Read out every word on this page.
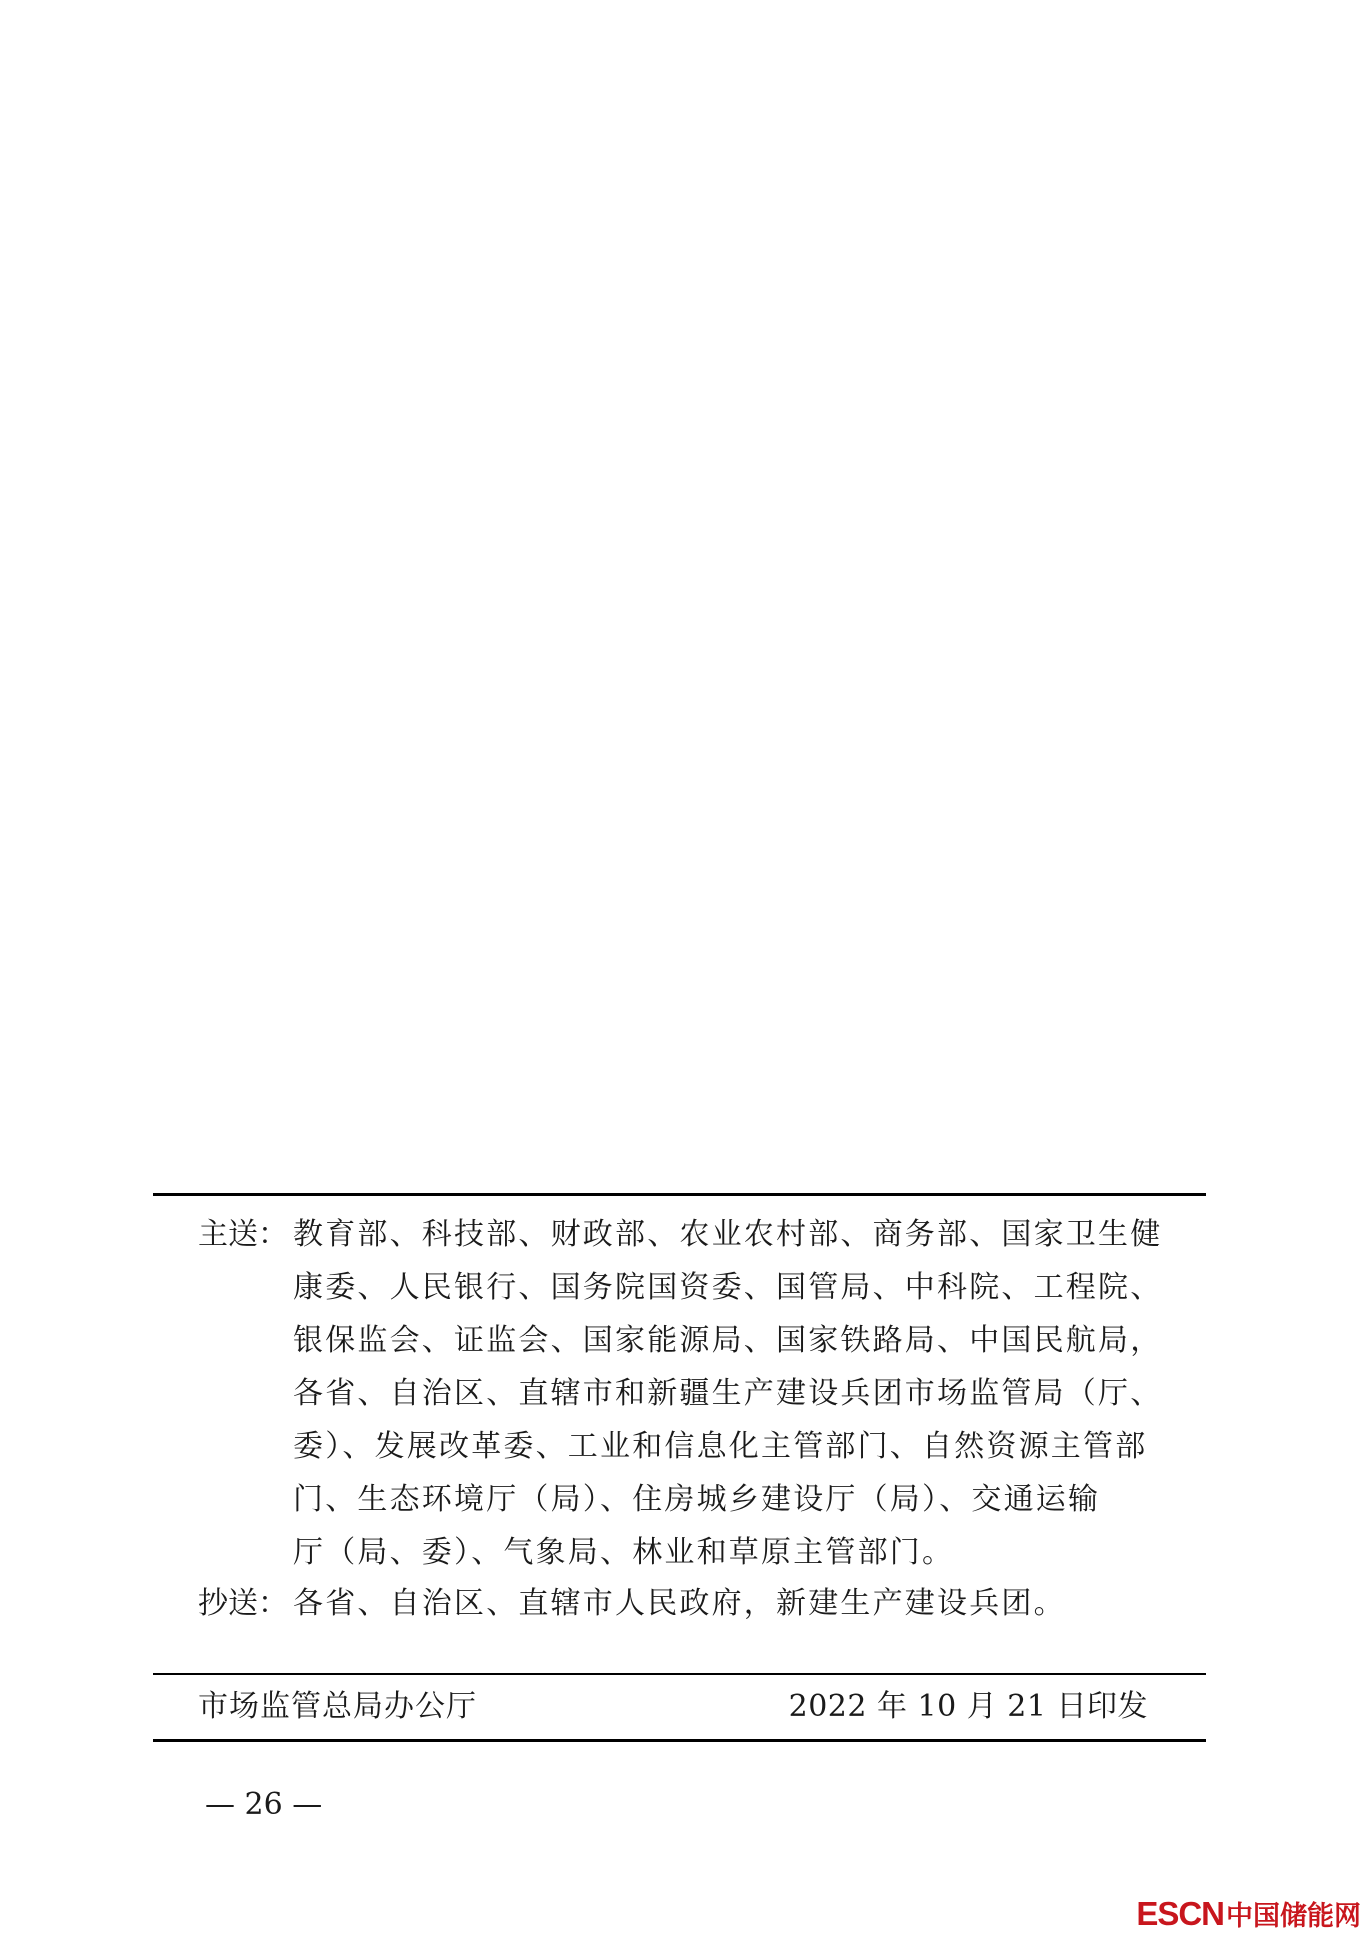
主送： 教育部、科技部、财政部、农业农村部、商务部、国家卫生健
康委、人民银行、国务院国资委、国管局、中科院、工程院、
银保监会、证监会、国家能源局、国家铁路局、中国民航局，
各省、自治区、直辖市和新疆生产建设兵团市场监管局（厅、
委）、发展改革委、工业和信息化主管部门、自然资源主管部
门、生态环境厅（局）、住房城乡建设厅（局）、交通运输
厅（局、委）、气象局、林业和草原主管部门。
抄送： 各省、自治区、直辖市人民政府，新建生产建设兵团。
市场监管总局办公厅	2022 年 10 月 21 日印发
— 26 —
ESCN 中国储能网
